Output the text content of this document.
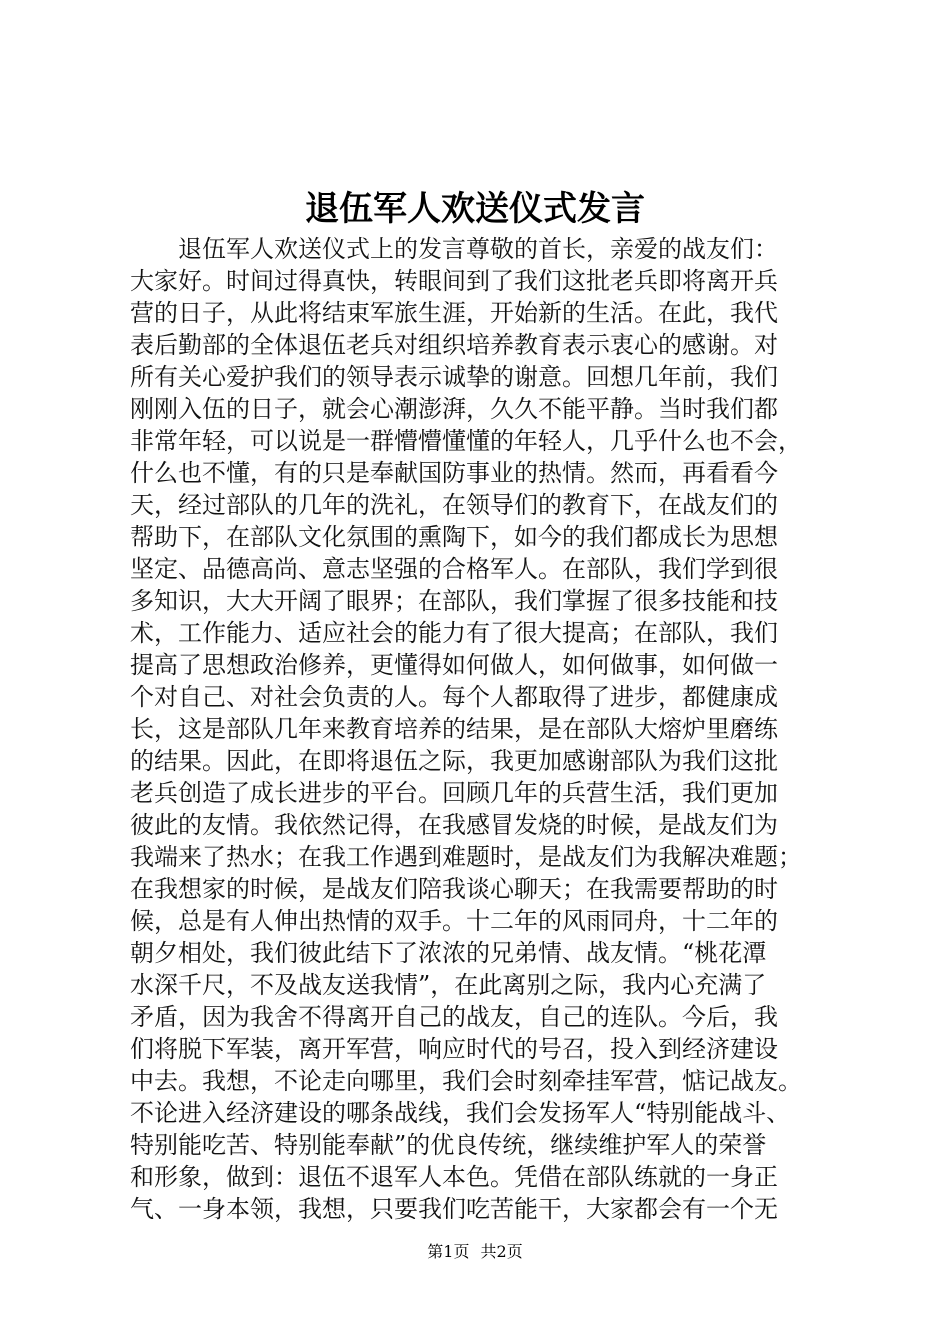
退伍军人欢送仪式发言
退伍军人欢送仪式上的发言尊敬的首长，亲爱的战友们：
大家好。时间过得真快，转眼间到了我们这批老兵即将离开兵
营的日子，从此将结束军旅生涯，开始新的生活。在此，我代
表后勤部的全体退伍老兵对组织培养教育表示衷心的感谢。对
所有关心爱护我们的领导表示诚挚的谢意。回想几年前，我们
刚刚入伍的日子，就会心潮澎湃，久久不能平静。当时我们都
非常年轻，可以说是一群懵懵懂懂的年轻人，几乎什么也不会，
什么也不懂，有的只是奉献国防事业的热情。然而，再看看今
天，经过部队的几年的洗礼，在领导们的教育下，在战友们的
帮助下，在部队文化氛围的熏陶下，如今的我们都成长为思想
坚定、品德高尚、意志坚强的合格军人。在部队，我们学到很
多知识，大大开阔了眼界；在部队，我们掌握了很多技能和技
术，工作能力、适应社会的能力有了很大提高；在部队，我们
提高了思想政治修养，更懂得如何做人，如何做事，如何做一
个对自己、对社会负责的人。每个人都取得了进步，都健康成
长，这是部队几年来教育培养的结果，是在部队大熔炉里磨练
的结果。因此，在即将退伍之际，我更加感谢部队为我们这批
老兵创造了成长进步的平台。回顾几年的兵营生活，我们更加
彼此的友情。我依然记得，在我感冒发烧的时候，是战友们为
我端来了热水；在我工作遇到难题时，是战友们为我解决难题；
在我想家的时候，是战友们陪我谈心聊天；在我需要帮助的时
候，总是有人伸出热情的双手。十二年的风雨同舟，十二年的
朝夕相处，我们彼此结下了浓浓的兄弟情、战友情。“桃花潭
水深千尺，不及战友送我情”，在此离别之际，我内心充满了
矛盾，因为我舍不得离开自己的战友，自己的连队。今后，我
们将脱下军装，离开军营，响应时代的号召，投入到经济建设
中去。我想，不论走向哪里，我们会时刻牵挂军营，惦记战友。
不论进入经济建设的哪条战线，我们会发扬军人“特别能战斗、
特别能吃苦、特别能奉献”的优良传统，继续维护军人的荣誉
和形象，做到：退伍不退军人本色。凭借在部队练就的一身正
气、一身本领，我想，只要我们吃苦能干，大家都会有一个无
第1页 共2页
